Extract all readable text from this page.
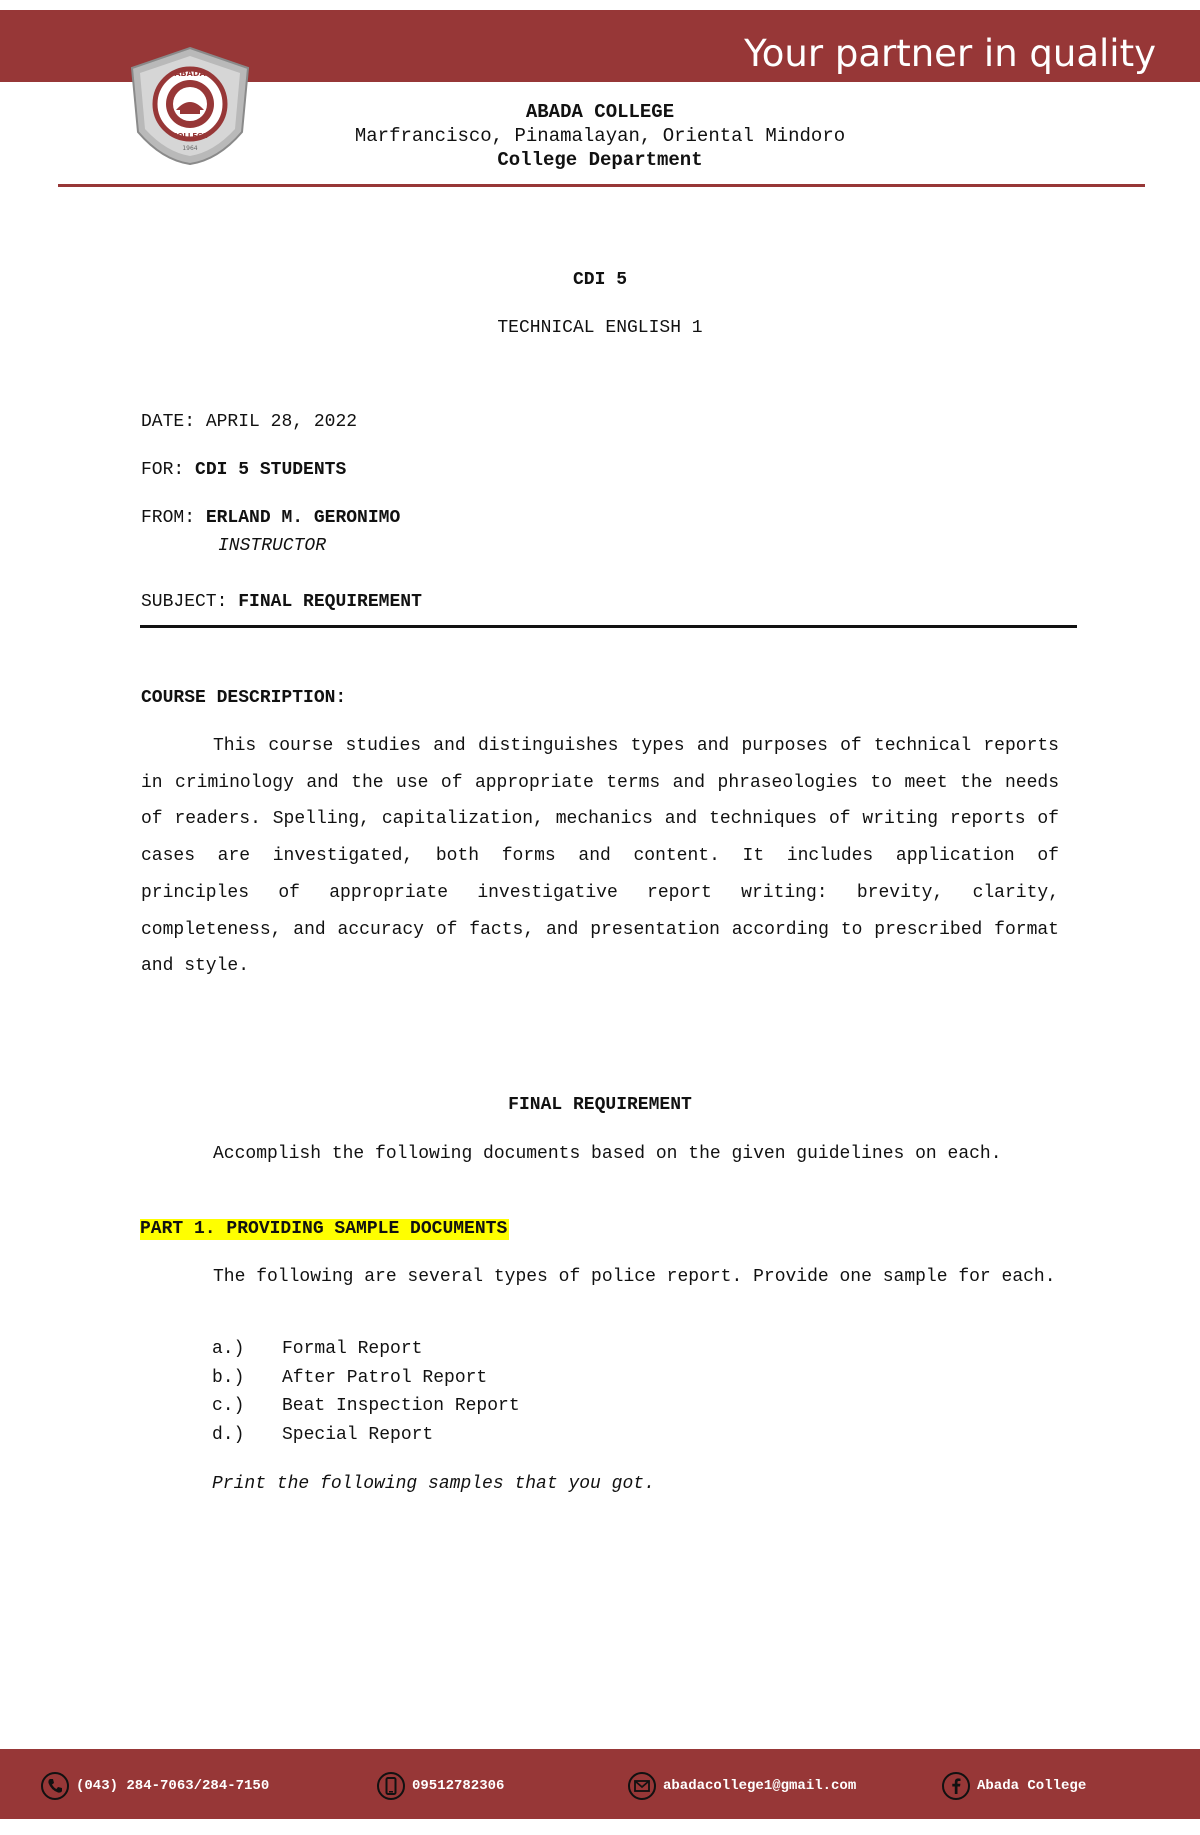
Your partner in quality
ABADA
COLLEGE
1964
ABADA COLLEGE
Marfrancisco, Pinamalayan, Oriental Mindoro
College Department
CDI 5
TECHNICAL ENGLISH 1
DATE: APRIL 28, 2022
FOR: CDI 5 STUDENTS
FROM: ERLAND M. GERONIMO
INSTRUCTOR
SUBJECT: FINAL REQUIREMENT
COURSE DESCRIPTION:

This course studies and distinguishes types and purposes of technical reports in criminology and the use of appropriate terms and phraseologies to meet the needs of readers. Spelling, capitalization, mechanics and techniques of writing reports of cases are investigated, both forms and content. It includes application of principles of appropriate investigative report writing: brevity, clarity, completeness, and accuracy of facts, and presentation according to prescribed format and style.

FINAL REQUIREMENT

Accomplish the following documents based on the given guidelines on each.

PART 1. PROVIDING SAMPLE DOCUMENTS

The following are several types of police report. Provide one sample for each.

a.) Formal Report
b.) After Patrol Report
c.) Beat Inspection Report
d.) Special Report
Print the following samples that you got.
(043) 284-7063/284-7150	09512782306	abadacollege1@gmail.com	Abada College
